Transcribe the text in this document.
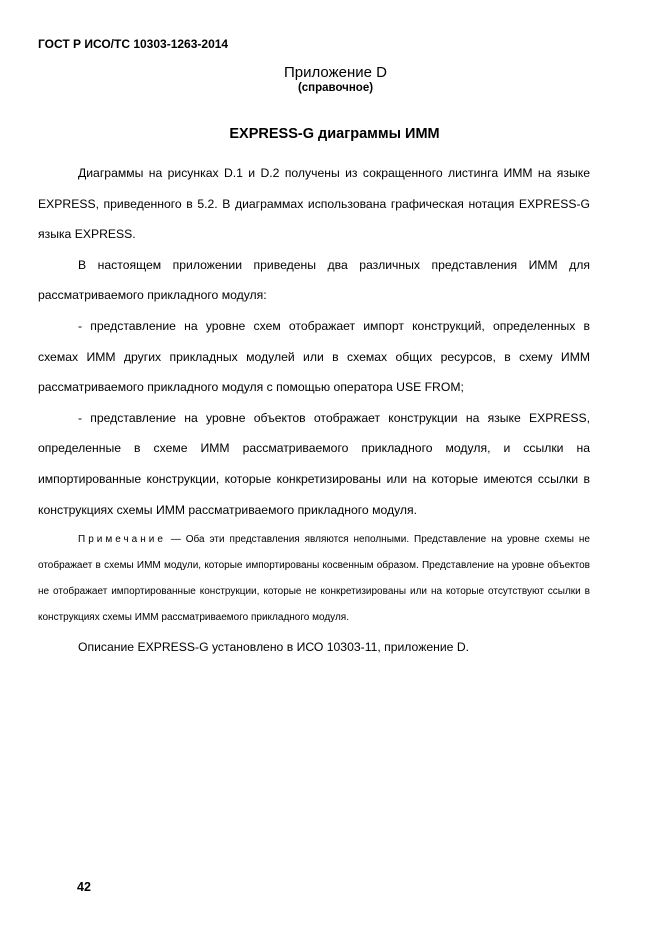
ГОСТ Р ИСО/ТС 10303-1263-2014
Приложение D
(справочное)
EXPRESS-G диаграммы ИММ

Диаграммы на рисунках D.1 и D.2 получены из сокращенного листинга ИММ на языке EXPRESS, приведенного в 5.2. В диаграммах использована графическая нотация EXPRESS-G языка EXPRESS.

В настоящем приложении приведены два различных представления ИММ для рассматриваемого прикладного модуля:

- представление на уровне схем отображает импорт конструкций, определенных в схемах ИММ других прикладных модулей или в схемах общих ресурсов, в схему ИММ рассматриваемого прикладного модуля с помощью оператора USE FROM;

- представление на уровне объектов отображает конструкции на языке EXPRESS, определенные в схеме ИММ рассматриваемого прикладного модуля, и ссылки на импортированные конструкции, которые конкретизированы или на которые имеются ссылки в конструкциях схемы ИММ рассматриваемого прикладного модуля.

Примечание — Оба эти представления являются неполными. Представление на уровне схемы не отображает в схемы ИММ модули, которые импортированы косвенным образом. Представление на уровне объектов не отображает импортированные конструкции, которые не конкретизированы или на которые отсутствуют ссылки в конструкциях схемы ИММ рассматриваемого прикладного модуля.

Описание EXPRESS-G установлено в ИСО 10303-11, приложение D.

42
